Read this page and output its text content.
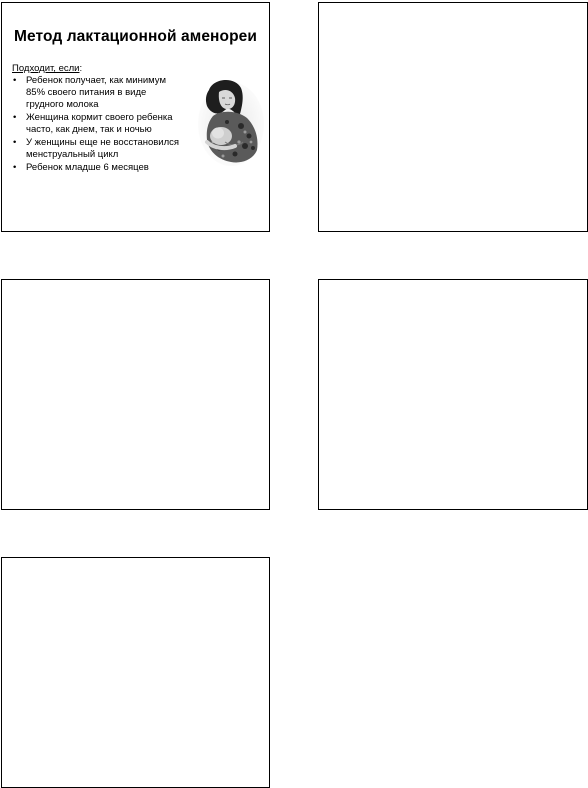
Метод лактационной аменореи
Подходит, если:
• Ребенок получает, как минимум 85% своего питания в виде грудного молока
• Женщина кормит своего ребенка часто, как днем, так и ночью
• У женщины еще не восстановился менструальный цикл
• Ребенок младше 6 месяцев
